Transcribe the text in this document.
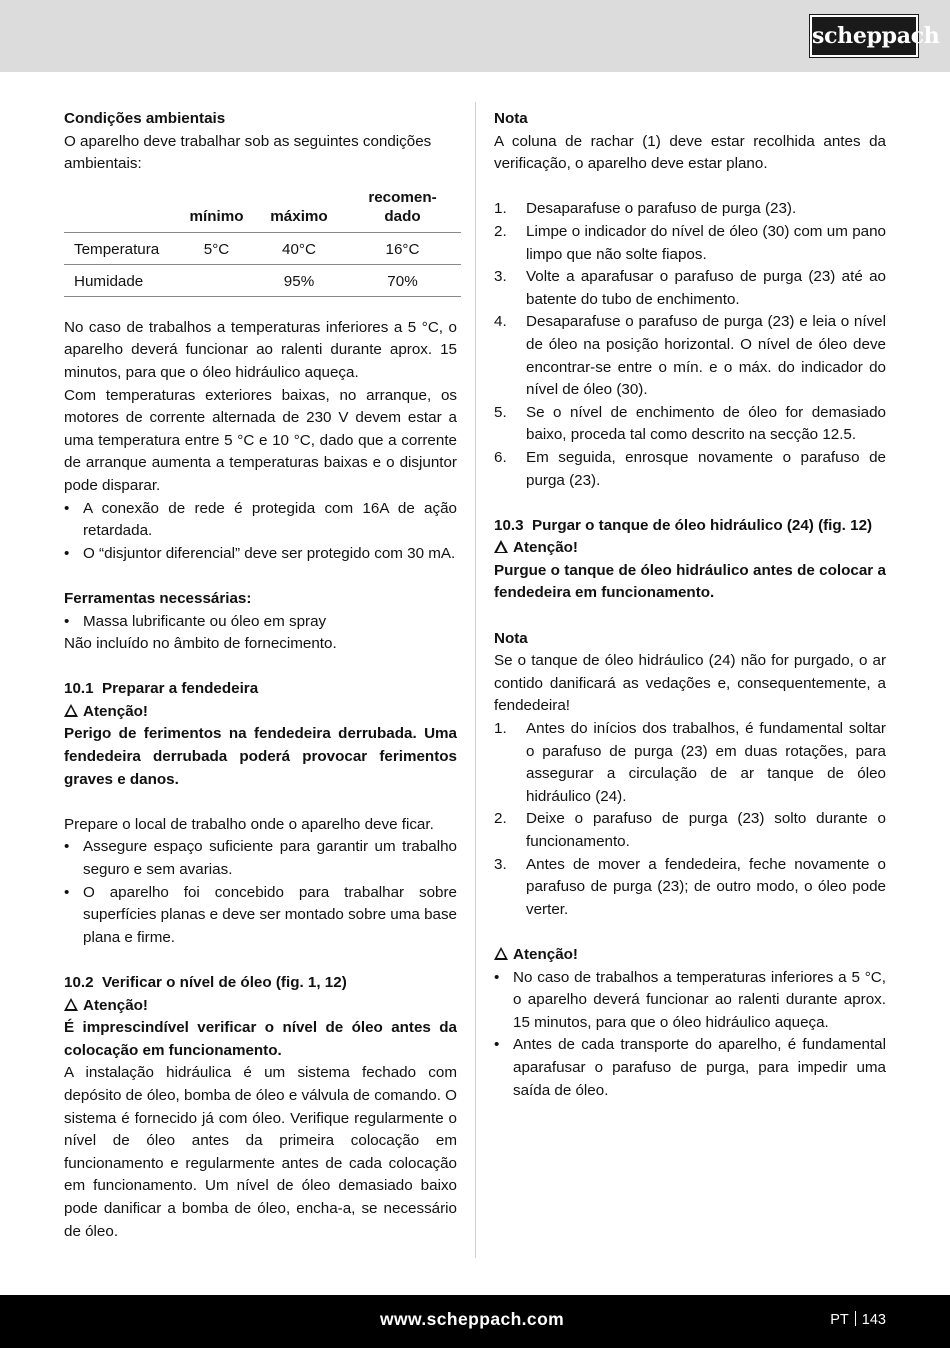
scheppach

Condições ambientais

O aparelho deve trabalhar sob as seguintes condições ambientais:

	mínimo	máximo	recomen-
dado
Temperatura	5°C	40°C	16°C
Humidade		95%	70%

No caso de trabalhos a temperaturas inferiores a 5 °C, o aparelho deverá funcionar ao ralenti durante aprox. 15 minutos, para que o óleo hidráulico aqueça.

Com temperaturas exteriores baixas, no arranque, os motores de corrente alternada de 230 V devem estar a uma temperatura entre 5 °C e 10 °C, dado que a corrente de arranque aumenta a temperaturas baixas e o disjuntor pode disparar.

• A conexão de rede é protegida com 16A de ação retardada.
• O “disjuntor diferencial” deve ser protegido com 30 mA.

Ferramentas necessárias:

• Massa lubrificante ou óleo em spray

Não incluído no âmbito de fornecimento.

10.1  Preparar a fendedeira

Atenção!

Perigo de ferimentos na fendedeira derrubada. Uma fendedeira derrubada poderá provocar ferimentos graves e danos.

Prepare o local de trabalho onde o aparelho deve ficar.

• Assegure espaço suficiente para garantir um trabalho seguro e sem avarias.
• O aparelho foi concebido para trabalhar sobre superfícies planas e deve ser montado sobre uma base plana e firme.

10.2  Verificar o nível de óleo (fig. 1, 12)

Atenção!

É imprescindível verificar o nível de óleo antes da colocação em funcionamento.

A instalação hidráulica é um sistema fechado com depósito de óleo, bomba de óleo e válvula de comando. O sistema é fornecido já com óleo. Verifique regularmente o nível de óleo antes da primeira colocação em funcionamento e regularmente antes de cada colocação em funcionamento. Um nível de óleo demasiado baixo pode danificar a bomba de óleo, encha-a, se necessário de óleo.

Nota

A coluna de rachar (1) deve estar recolhida antes da verificação, o aparelho deve estar plano.

1. Desaparafuse o parafuso de purga (23).
2. Limpe o indicador do nível de óleo (30) com um pano limpo que não solte fiapos.
3. Volte a aparafusar o parafuso de purga (23) até ao batente do tubo de enchimento.
4. Desaparafuse o parafuso de purga (23) e leia o nível de óleo na posição horizontal. O nível de óleo deve encontrar-se entre o mín. e o máx. do indicador do nível de óleo (30).
5. Se o nível de enchimento de óleo for demasiado baixo, proceda tal como descrito na secção 12.5.
6. Em seguida, enrosque novamente o parafuso de purga (23).

10.3  Purgar o tanque de óleo hidráulico (24) (fig. 12)

Atenção!

Purgue o tanque de óleo hidráulico antes de colocar a fendedeira em funcionamento.

Nota

Se o tanque de óleo hidráulico (24) não for purgado, o ar contido danificará as vedações e, consequentemente, a fendedeira!

1. Antes do inícios dos trabalhos, é fundamental soltar o parafuso de purga (23) em duas rotações, para assegurar a circulação de ar tanque de óleo hidráulico (24).
2. Deixe o parafuso de purga (23) solto durante o funcionamento.
3. Antes de mover a fendedeira, feche novamente o parafuso de purga (23); de outro modo, o óleo pode verter.

Atenção!

• No caso de trabalhos a temperaturas inferiores a 5 °C, o aparelho deverá funcionar ao ralenti durante aprox. 15 minutos, para que o óleo hidráulico aqueça.
• Antes de cada transporte do aparelho, é fundamental aparafusar o parafuso de purga, para impedir uma saída de óleo.
www.scheppach.com	PT 143
